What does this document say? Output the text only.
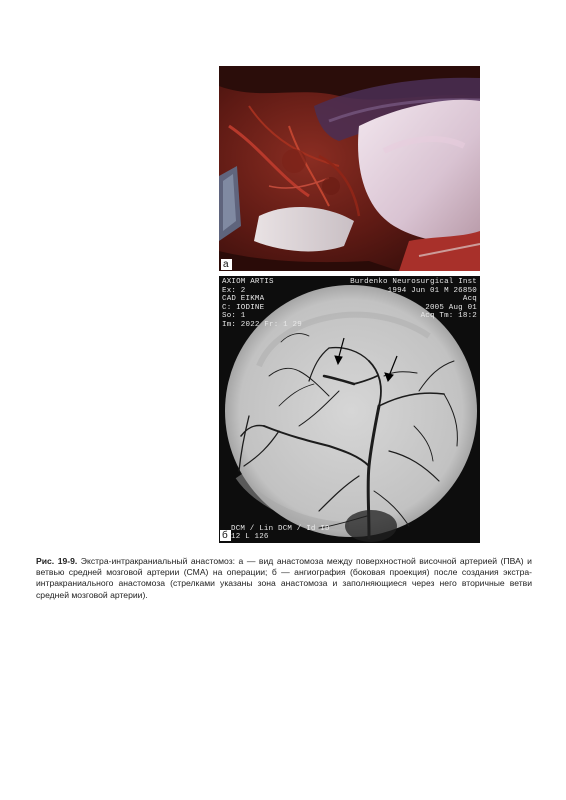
а
AXIOM ARTIS
Ex: 2
CAD EIKMA
C: IODINE
So: 1
Im: 2022 Fr: 1 29
Burdenko Neurosurgical Inst
1994 Jun 01 M 26850
Acq
2005 Aug 01
Acq Tm: 18:2
DCM / Lin DCM / Id ID
12 L 126
б

Рис. 19-9. Экстра-интракраниальный анастомоз: а — вид анастомоза между поверхностной височной артерией (ПВА) и ветвью средней мозговой артерии (СМА) на операции; б — ангиография (боковая проекция) после создания экстра-интракраниального анастомоза (стрелками указаны зона анастомоза и заполняющиеся через него вторичные ветви средней мозговой артерии).
